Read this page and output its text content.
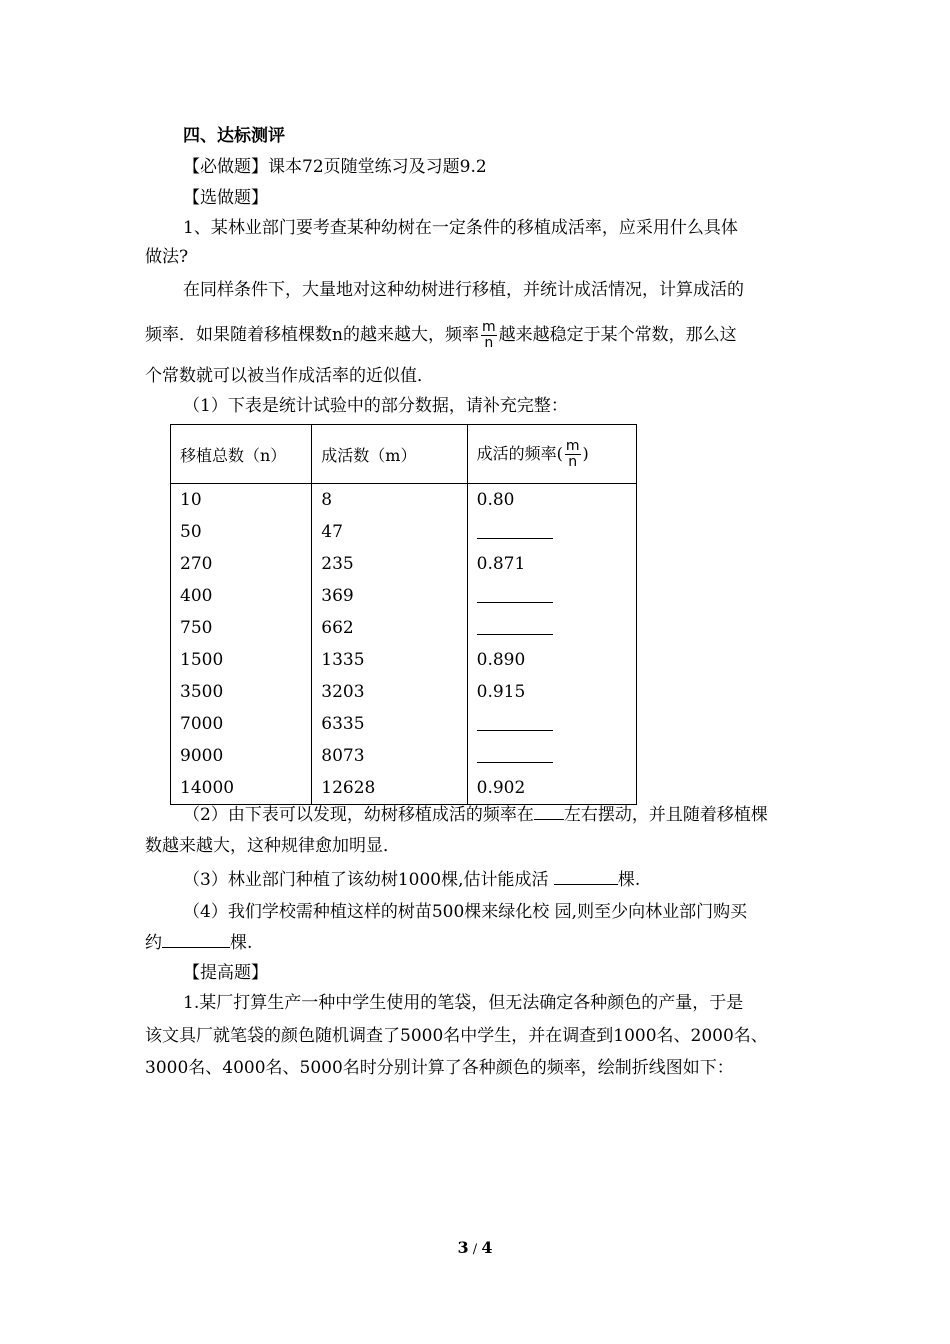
四、达标测评
【必做题】课本72页随堂练习及习题9.2
【选做题】
1、某林业部门要考查某种幼树在一定条件的移植成活率，应采用什么具体
做法?
在同样条件下，大量地对这种幼树进行移植，并统计成活情况，计算成活的
频率．如果随着移植棵数n的越来越大，频率 $\frac{m}{n}$ 越来越稳定于某个常数，那么这
个常数就可以被当作成活率的近似值．
（1）下表是统计试验中的部分数据，请补充完整：
移植总数（n）	成活数（m）	成活的频率( $\frac{m}{n}$ )
10	8	0.80
50	47	
270	235	0.871
400	369	
750	662	
1500	1335	0.890
3500	3203	0.915
7000	6335	
9000	8073	
14000	12628	0.902
（2）由下表可以发现，幼树移植成活的频率在 左右摆动，并且随着移植棵
数越来越大，这种规律愈加明显．
（3）林业部门种植了该幼树1000棵,估计能成活	棵.
（4）我们学校需种植这样的树苗500棵来绿化校 园,则至少向林业部门购买
约	棵.
【提高题】
1.某厂打算生产一种中学生使用的笔袋，但无法确定各种颜色的产量，于是
该文具厂就笔袋的颜色随机调查了5000名中学生，并在调查到1000名、2000名、
3000名、4000名、5000名时分别计算了各种颜色的频率，绘制折线图如下：
3 / 4
